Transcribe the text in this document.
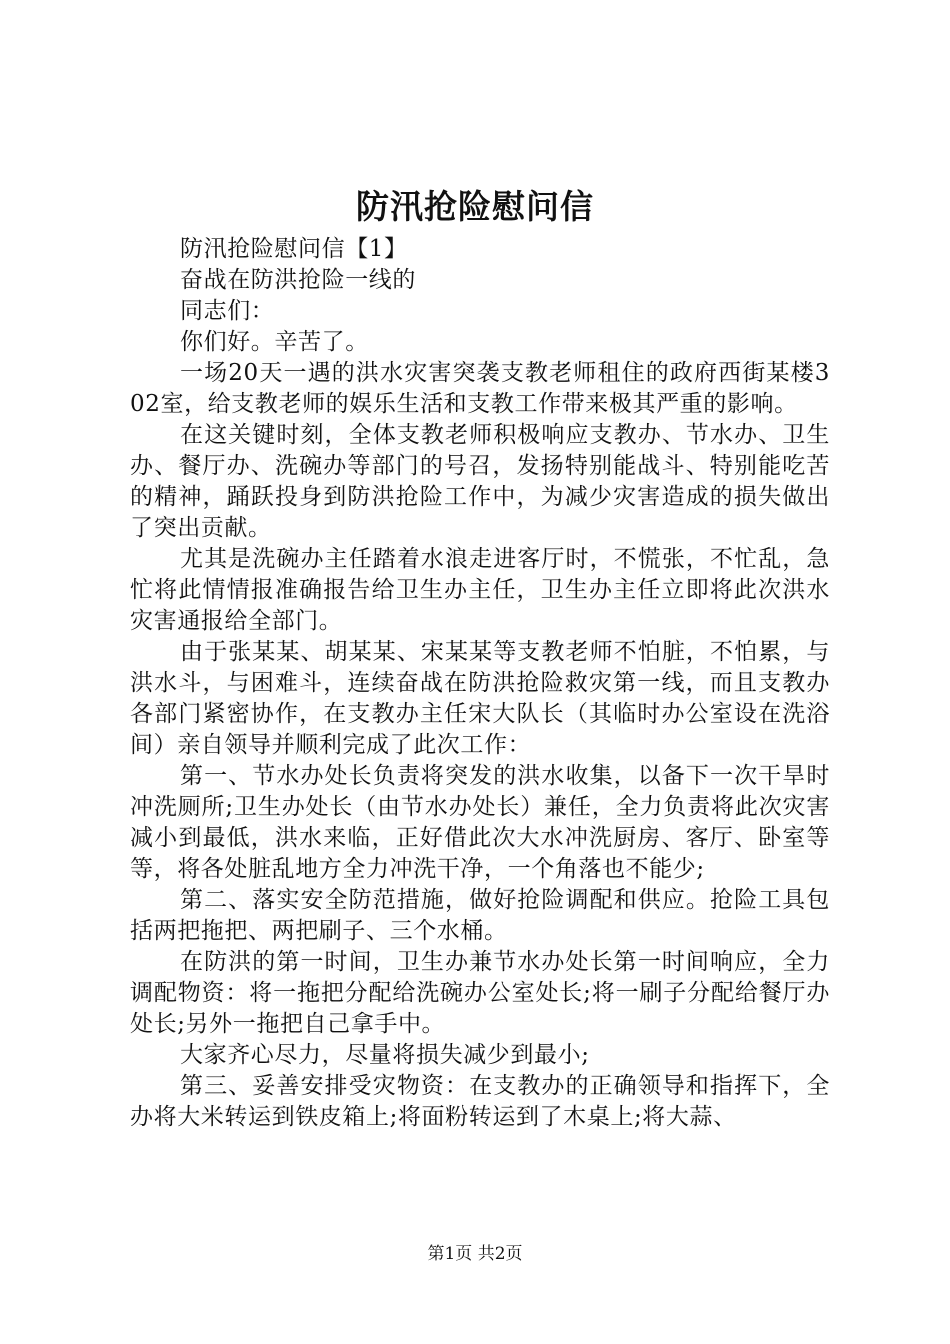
防汛抢险慰问信

防汛抢险慰问信【1】

奋战在防洪抢险一线的

同志们：

你们好。辛苦了。

一场20天一遇的洪水灾害突袭支教老师租住的政府西街某楼302室，给支教老师的娱乐生活和支教工作带来极其严重的影响。

在这关键时刻，全体支教老师积极响应支教办、节水办、卫生办、餐厅办、洗碗办等部门的号召，发扬特别能战斗、特别能吃苦的精神，踊跃投身到防洪抢险工作中，为减少灾害造成的损失做出了突出贡献。

尤其是洗碗办主任踏着水浪走进客厅时，不慌张，不忙乱，急忙将此情情报准确报告给卫生办主任，卫生办主任立即将此次洪水灾害通报给全部门。

由于张某某、胡某某、宋某某等支教老师不怕脏，不怕累，与洪水斗，与困难斗，连续奋战在防洪抢险救灾第一线，而且支教办各部门紧密协作，在支教办主任宋大队长（其临时办公室设在洗浴间）亲自领导并顺利完成了此次工作：

第一、节水办处长负责将突发的洪水收集，以备下一次干旱时冲洗厕所;卫生办处长（由节水办处长）兼任，全力负责将此次灾害减小到最低，洪水来临，正好借此次大水冲洗厨房、客厅、卧室等等，将各处脏乱地方全力冲洗干净，一个角落也不能少;

第二、落实安全防范措施，做好抢险调配和供应。抢险工具包括两把拖把、两把刷子、三个水桶。

在防洪的第一时间，卫生办兼节水办处长第一时间响应，全力调配物资：将一拖把分配给洗碗办公室处长;将一刷子分配给餐厅办处长;另外一拖把自己拿手中。

大家齐心尽力，尽量将损失减少到最小;

第三、妥善安排受灾物资：在支教办的正确领导和指挥下，全办将大米转运到铁皮箱上;将面粉转运到了木桌上;将大蒜、

第1页 共2页
